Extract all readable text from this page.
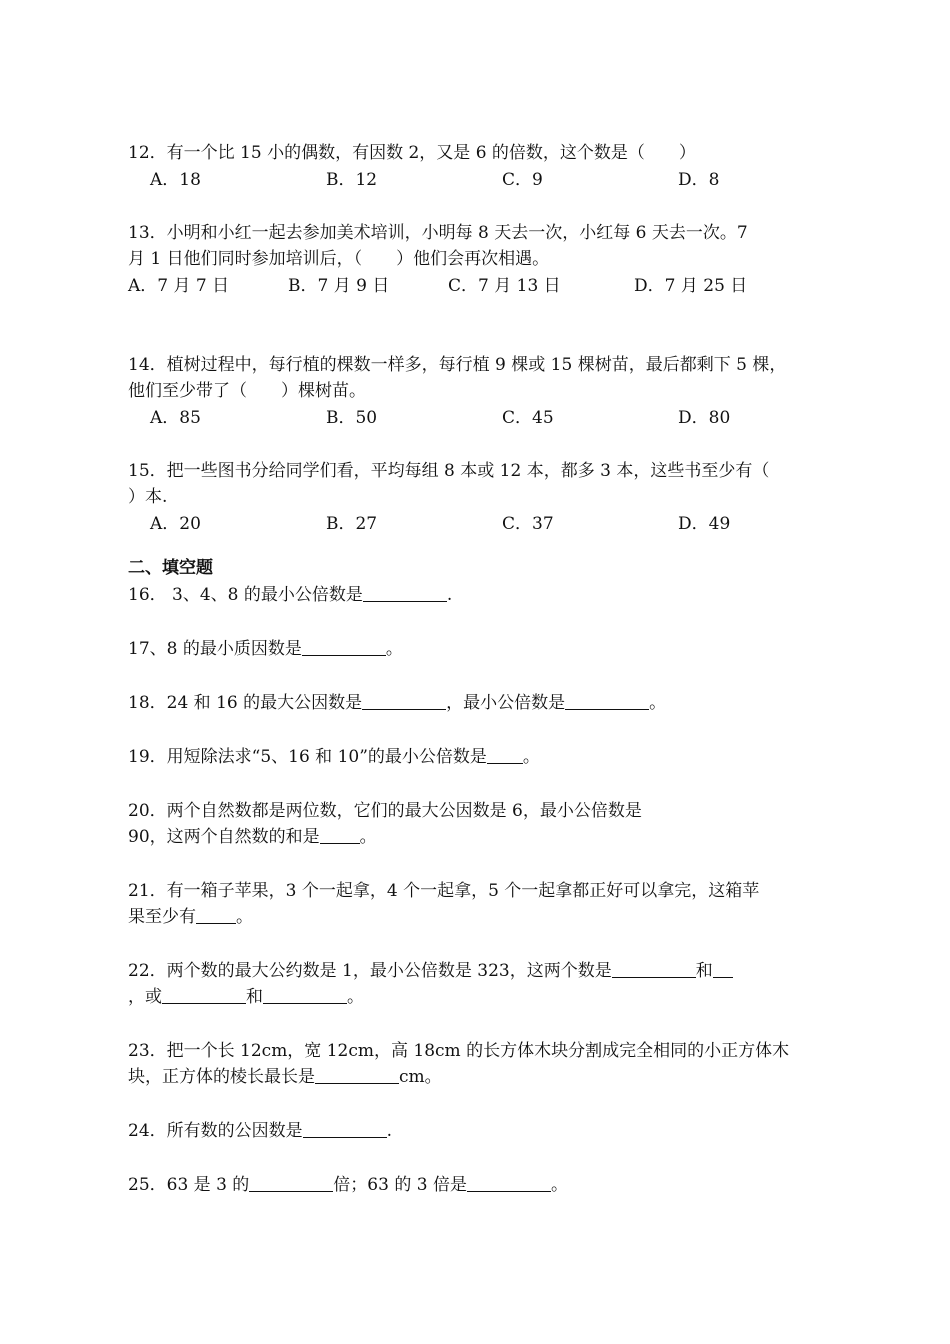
12．有一个比 15 小的偶数，有因数 2，又是 6 的倍数，这个数是（　　）
A．18	B．12	C．9	D．8
13．小明和小红一起去参加美术培训，小明每 8 天去一次，小红每 6 天去一次。7
月 1 日他们同时参加培训后，（　　）他们会再次相遇。
A．7 月 7 日	B．7 月 9 日	C．7 月 13 日	D．7 月 25 日
14．植树过程中，每行植的棵数一样多，每行植 9 棵或 15 棵树苗，最后都剩下 5 棵，
他们至少带了（　　）棵树苗。
A．85	B．50	C．45	D．80
15．把一些图书分给同学们看，平均每组 8 本或 12 本，都多 3 本，这些书至少有（
）本.
A．20	B．27	C．37	D．49
二、填空题
16． 3、4、8 的最小公倍数是	.
17、8 的最小质因数是	。
18．24 和 16 的最大公因数是	，最小公倍数是	。
19．用短除法求“5、16 和 10”的最小公倍数是 。
20．两个自然数都是两位数，它们的最大公因数是 6，最小公倍数是
90，这两个自然数的和是 。
21．有一箱子苹果，3 个一起拿，4 个一起拿，5 个一起拿都正好可以拿完，这箱苹
果至少有 。
22．两个数的最大公约数是 1，最小公倍数是 323，这两个数是	和
，或	和	。
23．把一个长 12cm，宽 12cm，高 18cm 的长方体木块分割成完全相同的小正方体木
块，正方体的棱长最长是	cm。
24．所有数的公因数是	.
25．63 是 3 的	倍；63 的 3 倍是	。
